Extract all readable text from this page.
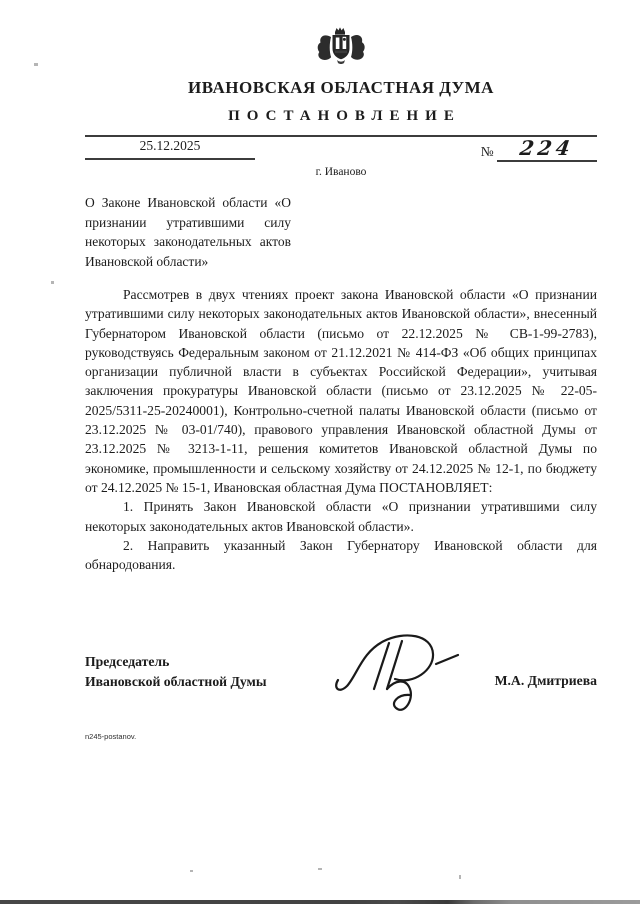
ИВАНОВСКАЯ ОБЛАСТНАЯ ДУМА
ПОСТАНОВЛЕНИЕ
25.12.2025	№ 224
г. Иваново
О Законе Ивановской области «О признании утратившими силу некоторых законодательных актов Ивановской области»

Рассмотрев в двух чтениях проект закона Ивановской области «О признании утратившими силу некоторых законодательных актов Ивановской области», внесенный Губернатором Ивановской области (письмо от 22.12.2025 № СВ-1-99-2783), руководствуясь Федеральным законом от 21.12.2021 № 414-ФЗ «Об общих принципах организации публичной власти в субъектах Российской Федерации», учитывая заключения прокуратуры Ивановской области (письмо от 23.12.2025 № 22-05-2025/5311-25-20240001), Контрольно-счетной палаты Ивановской области (письмо от 23.12.2025 № 03-01/740), правового управления Ивановской областной Думы от 23.12.2025 № 3213-1-11, решения комитетов Ивановской областной Думы по экономике, промышленности и сельскому хозяйству от 24.12.2025 № 12-1, по бюджету от 24.12.2025 № 15-1, Ивановская областная Дума ПОСТАНОВЛЯЕТ:

1. Принять Закон Ивановской области «О признании утратившими силу некоторых законодательных актов Ивановской области».

2. Направить указанный Закон Губернатору Ивановской области для обнародования.

Председатель
Ивановской областной Думы	М.А. Дмитриева
n245-postanov.
